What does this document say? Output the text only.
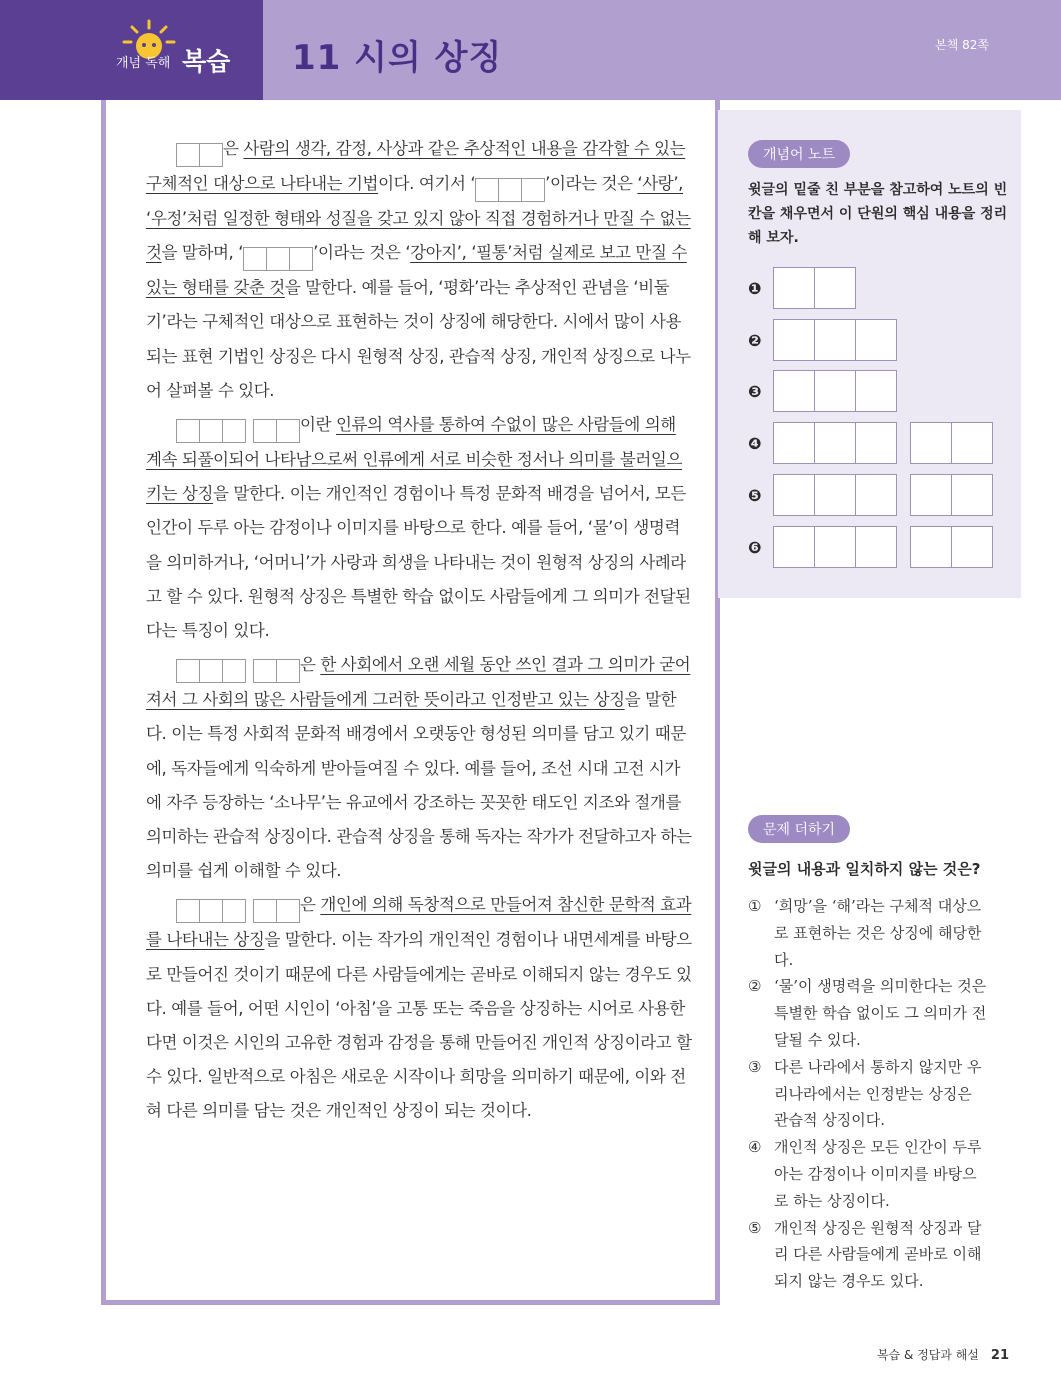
개념 독해 복습 11 시의 상징	본책 82쪽

은 사람의 생각, 감정, 사상과 같은 추상적인 내용을 감각할 수 있는 구체적인 대상으로 나타내는 기법이다. 여기서 ‘	’이라는 것은 ‘사랑’, ‘우정’처럼 일정한 형태와 성질을 갖고 있지 않아 직접 경험하거나 만질 수 없는 것을 말하며, ‘	’이라는 것은 ‘강아지’, ‘필통’처럼 실제로 보고 만질 수 있는 형태를 갖춘 것을 말한다. 예를 들어, ‘평화’라는 추상적인 관념을 ‘비둘기’라는 구체적인 대상으로 표현하는 것이 상징에 해당한다. 시에서 많이 사용되는 표현 기법인 상징은 다시 원형적 상징, 관습적 상징, 개인적 상징으로 나누어 살펴볼 수 있다.

이란 인류의 역사를 통하여 수없이 많은 사람들에 의해 계속 되풀이되어 나타남으로써 인류에게 서로 비슷한 정서나 의미를 불러일으키는 상징을 말한다. 이는 개인적인 경험이나 특정 문화적 배경을 넘어서, 모든 인간이 두루 아는 감정이나 이미지를 바탕으로 한다. 예를 들어, ‘물’이 생명력을 의미하거나, ‘어머니’가 사랑과 희생을 나타내는 것이 원형적 상징의 사례라고 할 수 있다. 원형적 상징은 특별한 학습 없이도 사람들에게 그 의미가 전달된다는 특징이 있다.

은 한 사회에서 오랜 세월 동안 쓰인 결과 그 의미가 굳어져서 그 사회의 많은 사람들에게 그러한 뜻이라고 인정받고 있는 상징을 말한다. 이는 특정 사회적 문화적 배경에서 오랫동안 형성된 의미를 담고 있기 때문에, 독자들에게 익숙하게 받아들여질 수 있다. 예를 들어, 조선 시대 고전 시가에 자주 등장하는 ‘소나무’는 유교에서 강조하는 꼿꼿한 태도인 지조와 절개를 의미하는 관습적 상징이다. 관습적 상징을 통해 독자는 작가가 전달하고자 하는 의미를 쉽게 이해할 수 있다.

은 개인에 의해 독창적으로 만들어져 참신한 문학적 효과를 나타내는 상징을 말한다. 이는 작가의 개인적인 경험이나 내면세계를 바탕으로 만들어진 것이기 때문에 다른 사람들에게는 곧바로 이해되지 않는 경우도 있다. 예를 들어, 어떤 시인이 ‘아침’을 고통 또는 죽음을 상징하는 시어로 사용한다면 이것은 시인의 고유한 경험과 감정을 통해 만들어진 개인적 상징이라고 할 수 있다. 일반적으로 아침은 새로운 시작이나 희망을 의미하기 때문에, 이와 전혀 다른 의미를 담는 것은 개인적인 상징이 되는 것이다.

개념어 노트
윗글의 밑줄 친 부분을 참고하여 노트의 빈칸을 채우면서 이 단원의 핵심 내용을 정리해 보자.
❶
❷
❸
❹
❺
❻
문제 더하기
윗글의 내용과 일치하지 않는 것은?
① ‘희망’을 ‘해’라는 구체적 대상으로 표현하는 것은 상징에 해당한다.
② ‘물’이 생명력을 의미한다는 것은 특별한 학습 없이도 그 의미가 전달될 수 있다.
③ 다른 나라에서 통하지 않지만 우리나라에서는 인정받는 상징은 관습적 상징이다.
④ 개인적 상징은 모든 인간이 두루 아는 감정이나 이미지를 바탕으로 하는 상징이다.
⑤ 개인적 상징은 원형적 상징과 달리 다른 사람들에게 곧바로 이해되지 않는 경우도 있다.
복습 & 정답과 해설 21
